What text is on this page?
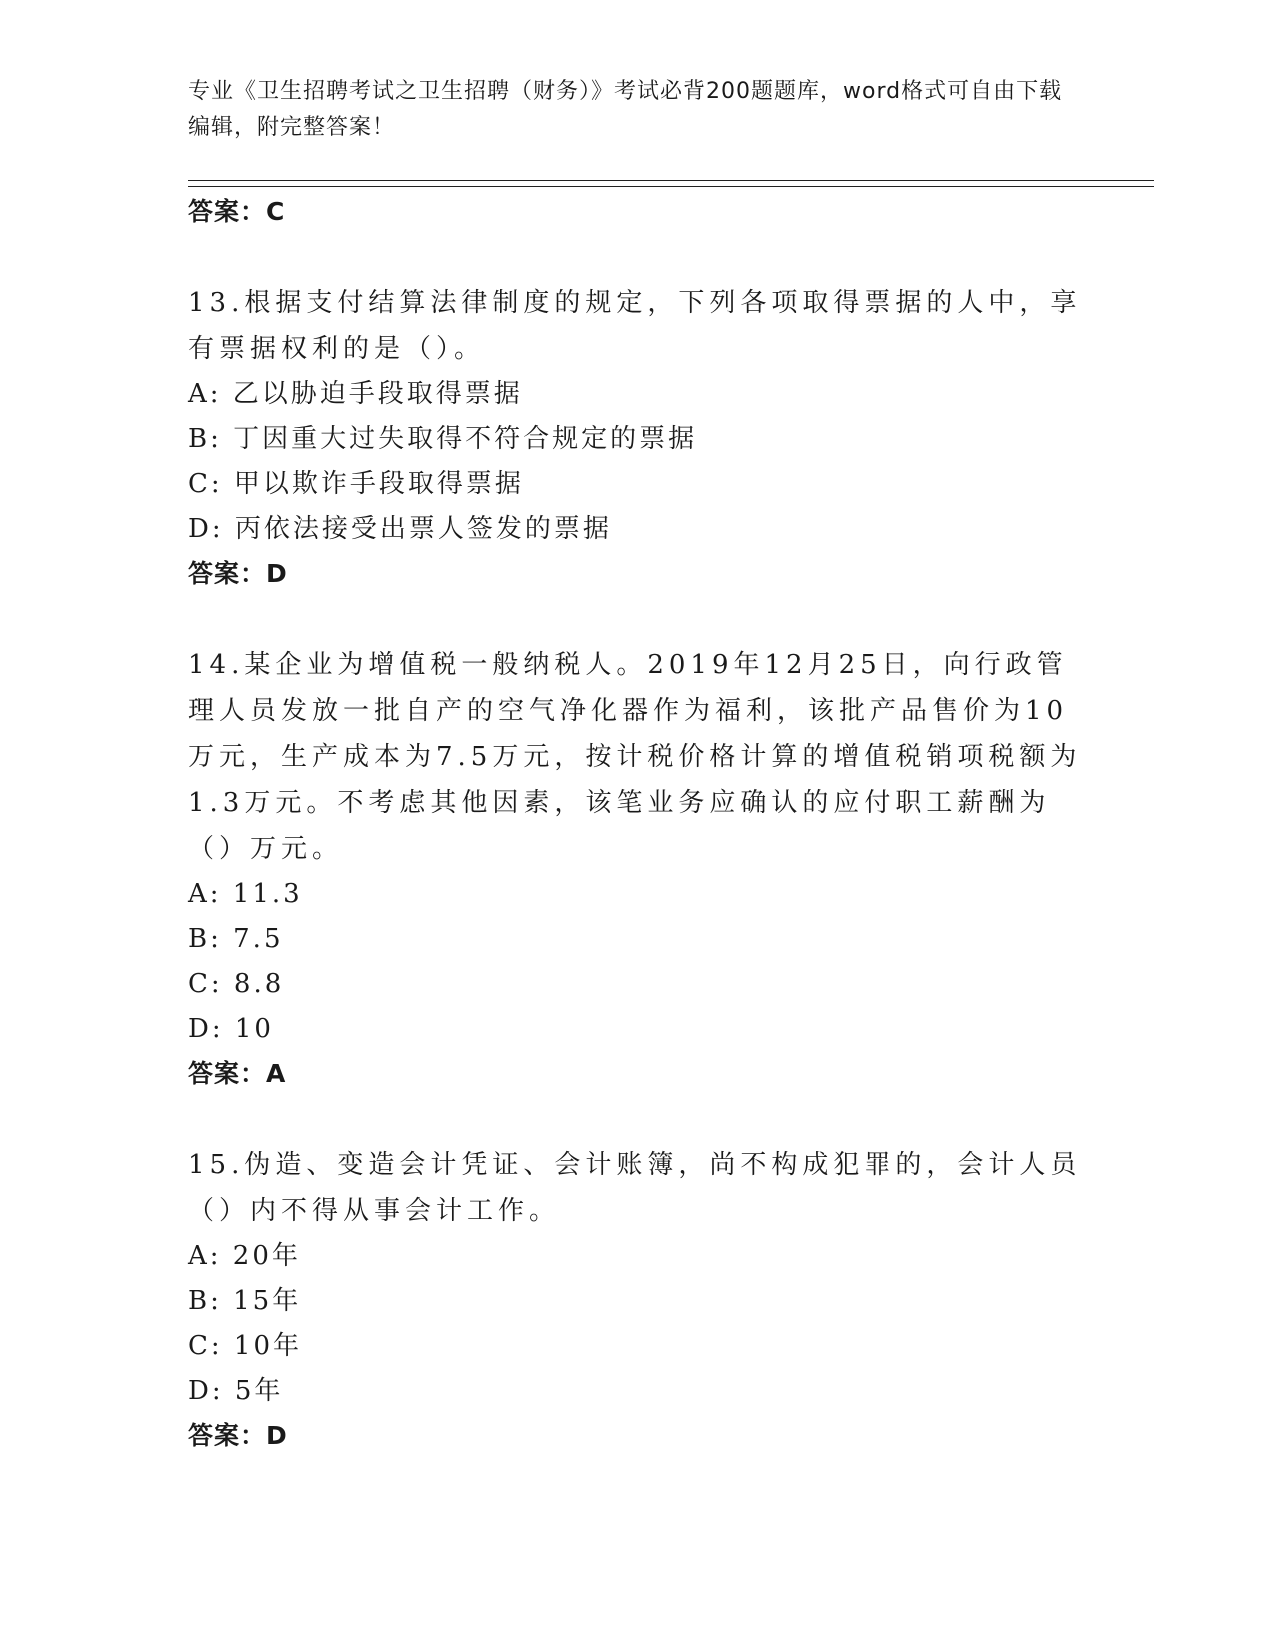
专业《卫生招聘考试之卫生招聘（财务）》考试必背200题题库，word格式可自由下载编辑，附完整答案！
答案：C
13.根据支付结算法律制度的规定，下列各项取得票据的人中，享有票据权利的是（）。
A: 乙以胁迫手段取得票据
B: 丁因重大过失取得不符合规定的票据
C: 甲以欺诈手段取得票据
D: 丙依法接受出票人签发的票据
答案：D
14.某企业为增值税一般纳税人。2019年12月25日，向行政管理人员发放一批自产的空气净化器作为福利，该批产品售价为10万元，生产成本为7.5万元，按计税价格计算的增值税销项税额为1.3万元。不考虑其他因素，该笔业务应确认的应付职工薪酬为（）万元。
A: 11.3
B: 7.5
C: 8.8
D: 10
答案：A
15.伪造、变造会计凭证、会计账簿，尚不构成犯罪的，会计人员（）内不得从事会计工作。
A: 20年
B: 15年
C: 10年
D: 5年
答案：D
